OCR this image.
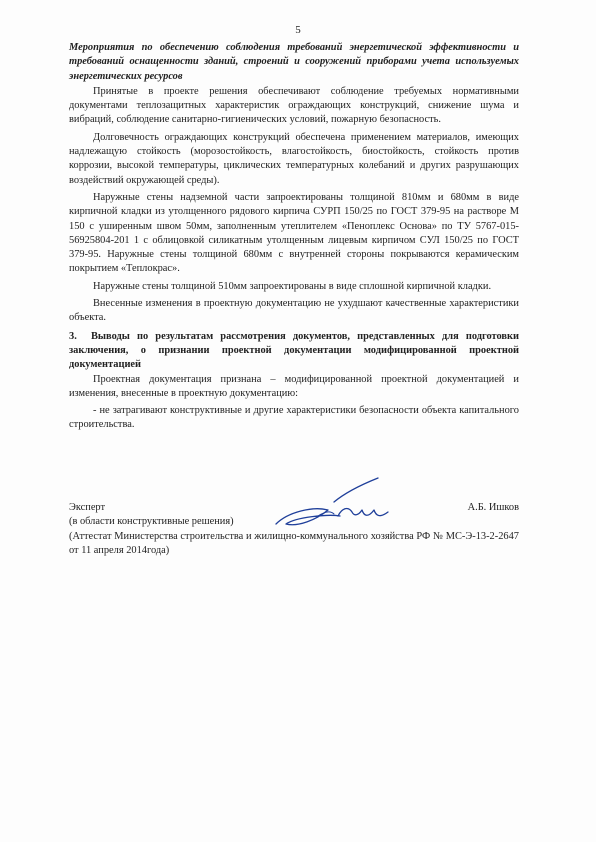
5
Мероприятия по обеспечению соблюдения требований энергетической эффективности и требований оснащенности зданий, строений и сооружений приборами учета используемых энергетических ресурсов

Принятые в проекте решения обеспечивают соблюдение требуемых нормативными документами теплозащитных характеристик ограждающих конструкций, снижение шума и вибраций, соблюдение санитарно-гигиенических условий, пожарную безопасность.

Долговечность ограждающих конструкций обеспечена применением материалов, имеющих надлежащую стойкость (морозостойкость, влагостойкость, биостойкость, стойкость против коррозии, высокой температуры, циклических температурных колебаний и других разрушающих воздействий окружающей среды).

Наружные стены надземной части запроектированы толщиной 810мм и 680мм в виде кирпичной кладки из утолщенного рядового кирпича СУРП 150/25 по ГОСТ 379-95 на растворе М 150 с уширенным швом 50мм, заполненным утеплителем «Пеноплекс Основа» по ТУ 5767-015-56925804-201 1 с облицовкой силикатным утолщенным лицевым кирпичом СУЛ 150/25 по ГОСТ 379-95. Наружные стены толщиной 680мм с внутренней стороны покрываются керамическим покрытием «Теплокрас».

Наружные стены толщиной 510мм запроектированы в виде сплошной кирпичной кладки.

Внесенные изменения в проектную документацию не ухудшают качественные характеристики объекта.

3. Выводы по результатам рассмотрения документов, представленных для подготовки заключения, о признании проектной документации модифицированной проектной документацией

Проектная документация признана – модифицированной проектной документацией и изменения, внесенные в проектную документацию:

- не затрагивают конструктивные и другие характеристики безопасности объекта капитального строительства.

Эксперт	А.Б. Ишков
(в области конструктивные решения)
(Аттестат Министерства строительства и жилищно-коммунального хозяйства РФ № МС-Э-13-2-2647 от 11 апреля 2014года)
